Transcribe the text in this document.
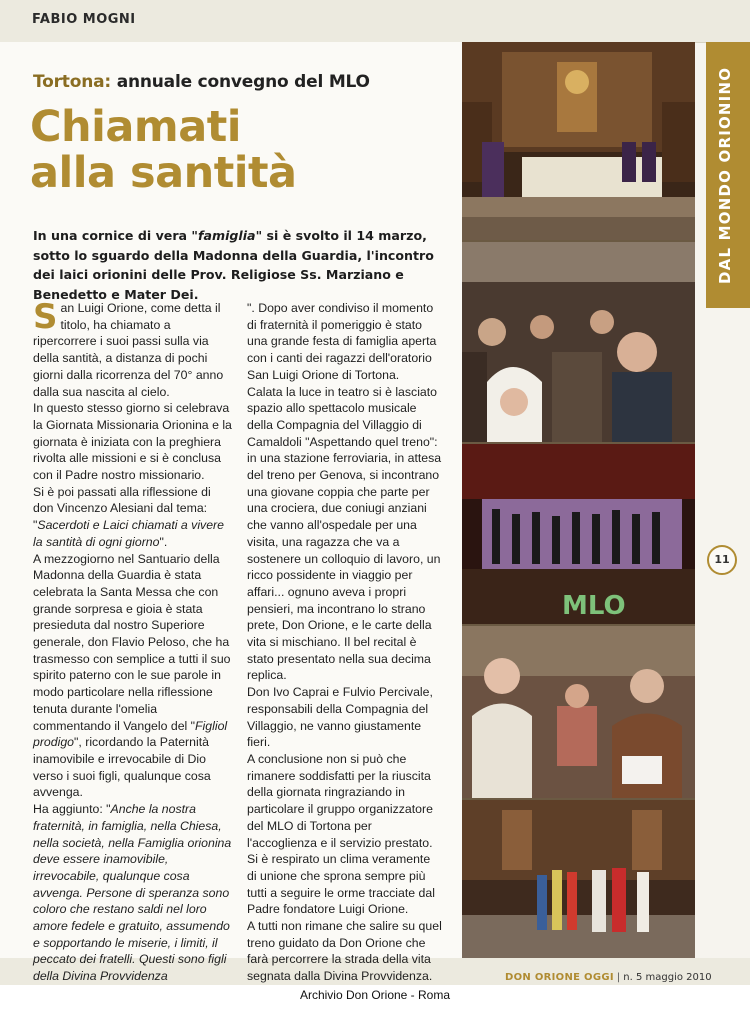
FABIO MOGNI
Tortona: annuale convegno del MLO
Chiamati
alla santità
In una cornice di vera "famiglia" si è svolto il 14 marzo, sotto lo sguardo della Madonna della Guardia, l'incontro dei laici orionini delle Prov. Religiose Ss. Marziano e Benedetto e Mater Dei.

San Luigi Orione, come detta il titolo, ha chiamato a ripercorrere i suoi passi sulla via della santità, a distanza di pochi giorni dalla ricorrenza del 70° anno dalla sua nascita al cielo.

In questo stesso giorno si celebrava la Giornata Missionaria Orionina e la giornata è iniziata con la preghiera rivolta alle missioni e si è conclusa con il Padre nostro missionario.

Si è poi passati alla riflessione di don Vincenzo Alesiani dal tema: "Sacerdoti e Laici chiamati a vivere la santità di ogni giorno".

A mezzogiorno nel Santuario della Madonna della Guardia è stata celebrata la Santa Messa che con grande sorpresa e gioia è stata presieduta dal nostro Superiore generale, don Flavio Peloso, che ha trasmesso con semplice a tutti il suo spirito paterno con le sue parole in modo particolare nella riflessione tenuta durante l'omelia commentando il Vangelo del "Figliol prodigo", ricordando la Paternità inamovibile e irrevocabile di Dio verso i suoi figli, qualunque cosa avvenga.

Ha aggiunto: "Anche la nostra fraternità, in famiglia, nella Chiesa, nella società, nella Famiglia orionina deve essere inamovibile, irrevocabile, qualunque cosa avvenga. Persone di speranza sono coloro che restano saldi nel loro amore fedele e gratuito, assumendo e sopportando le miserie, i limiti, il peccato dei fratelli. Questi sono figli della Divina Provvidenza

". Dopo aver condiviso il momento di fraternità il pomeriggio è stato una grande festa di famiglia aperta con i canti dei ragazzi dell'oratorio San Luigi Orione di Tortona.

Calata la luce in teatro si è lasciato spazio allo spettacolo musicale della Compagnia del Villaggio di Camaldoli "Aspettando quel treno": in una stazione ferroviaria, in attesa del treno per Genova, si incontrano una giovane coppia che parte per una crociera, due coniugi anziani che vanno all'ospedale per una visita, una ragazza che va a sostenere un colloquio di lavoro, un ricco possidente in viaggio per affari... ognuno aveva i propri pensieri, ma incontrano lo strano prete, Don Orione, e le carte della vita si mischiano. Il bel recital è stato presentato nella sua decima replica.

Don Ivo Caprai e Fulvio Percivale, responsabili della Compagnia del Villaggio, ne vanno giustamente fieri.

A conclusione non si può che rimanere soddisfatti per la riuscita della giornata ringraziando in particolare il gruppo organizzatore del MLO di Tortona per l'accoglienza e il servizio prestato.

Si è respirato un clima veramente di unione che sprona sempre più tutti a seguire le orme tracciate dal Padre fondatore Luigi Orione.

A tutti non rimane che salire su quel treno guidato da Don Orione che farà percorrere la strada della vita segnata dalla Divina Provvidenza.

MLO
DAL MONDO ORIONINO
11
DON ORIONE OGGI | n. 5 maggio 2010
Archivio Don Orione - Roma
